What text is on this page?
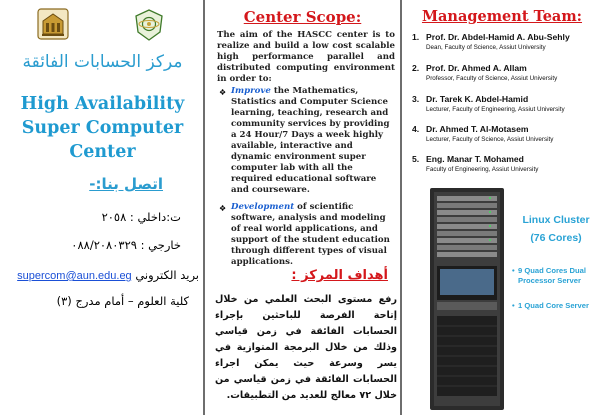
مركز الحسابات الفائقة
High Availability
Super Computer
Center
اتصل بنا:-
ت:داخلي : ٢٠٥٨
خارجي : ٠٨٨/٢٠٨٠٣٢٩
بريد الكتروني supercom@aun.edu.eg
كلية العلوم – أمام مدرج (٣)
Center Scope:
The aim of the HASCC center is to realize and build a low cost scalable high performance parallel and distributed computing environment in order to:
❖ Improve the Mathematics, Statistics and Computer Science learning, teaching, research and community services by providing a 24 Hour/7 Days a week highly available, interactive and dynamic environment super computer lab with all the required educational software and courseware.
❖ Development of scientific software, analysis and modeling of real world applications, and support of the student education through different types of visual applications.
أهداف المركز :
رفع مستوى البحث العلمي من خلال إتاحة الفرصة للباحثين بإجراء الحسابات الفائقة في زمن قياسي وذلك من خلال البرمجة المتوازية في يسر وسرعة حيث يمكن اجراء الحسابات الفائقة في زمن قياسي من خلال ٧٢ معالج للعديد من التطبيقات.
Management Team:
1. Prof. Dr. Abdel-Hamid A. Abu-Sehly
Dean, Faculty of Science, Assiut University
2. Prof. Dr. Ahmed A. Allam
Professor, Faculty of Science, Assiut University
3. Dr. Tarek K. Abdel-Hamid
Lecturer, Faculty of Engineering, Assiut University
4. Dr. Ahmed T. Al-Motasem
Lecturer, Faculty of Science, Assiut University
5. Eng. Manar T. Mohamed
Faculty of Engineering, Assiut University
Linux Cluster
(76 Cores)
• 9 Quad Cores Dual Processor Server
• 1 Quad Core Server
